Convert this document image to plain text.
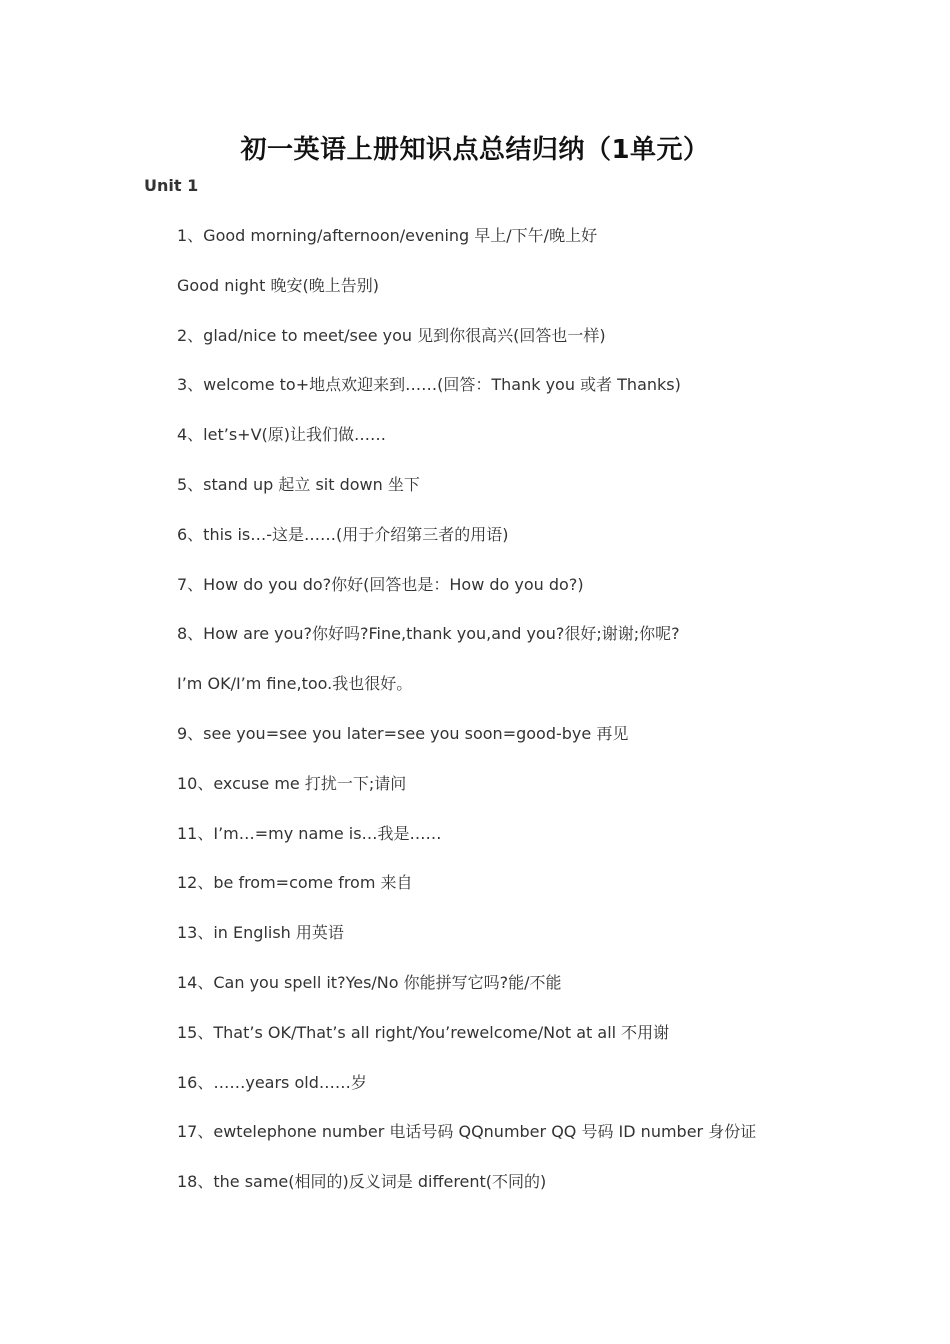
初一英语上册知识点总结归纳（1单元）
Unit 1
1、Good morning/afternoon/evening 早上/下午/晚上好
Good night 晚安(晚上告别)
2、glad/nice to meet/see you 见到你很高兴(回答也一样)
3、welcome to+地点欢迎来到……(回答：Thank you 或者 Thanks)
4、let’s+V(原)让我们做……
5、stand up 起立 sit down 坐下
6、this is…-这是……(用于介绍第三者的用语)
7、How do you do?你好(回答也是：How do you do?)
8、How are you?你好吗?Fine,thank you,and you?很好;谢谢;你呢?
I’m OK/I’m fine,too.我也很好。
9、see you=see you later=see you soon=good-bye 再见
10、excuse me 打扰一下;请问
11、I’m…=my name is…我是……
12、be from=come from 来自
13、in English 用英语
14、Can you spell it?Yes/No 你能拼写它吗?能/不能
15、That’s OK/That’s all right/You’rewelcome/Not at all 不用谢
16、……years old……岁
17、ewtelephone number 电话号码 QQnumber QQ 号码 ID number 身份证
18、the same(相同的)反义词是 different(不同的)
